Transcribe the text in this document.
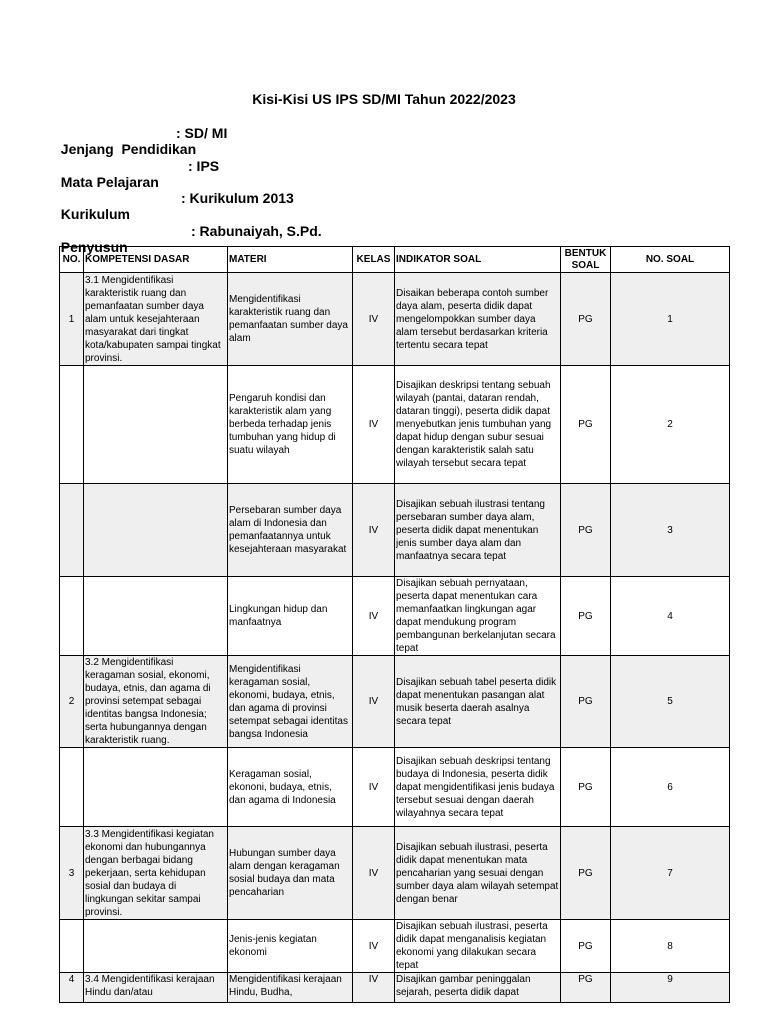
Kisi-Kisi US IPS SD/MI Tahun 2022/2023

Jenjang  Pendidikan

: SD/ MI

Mata Pelajaran

: IPS

Kurikulum

: Kurikulum 2013

Penyusun

: Rabunaiyah, S.Pd.

NO.	KOMPETENSI DASAR	MATERI	KELAS	INDIKATOR SOAL	BENTUK SOAL	NO. SOAL
1	3.1 Mengidentifikasi karakteristik ruang dan pemanfaatan sumber daya alam untuk kesejahteraan masyarakat dari tingkat kota/kabupaten sampai tingkat provinsi.	Mengidentifikasi karakteristik ruang dan pemanfaatan sumber daya alam	IV	Disaikan beberapa contoh sumber daya alam, peserta didik dapat mengelompokkan sumber daya alam tersebut berdasarkan kriteria tertentu secara tepat	PG	1
		Pengaruh kondisi dan karakteristik alam yang berbeda terhadap jenis tumbuhan yang hidup di suatu wilayah	IV	Disajikan deskripsi tentang sebuah wilayah (pantai, dataran rendah, dataran tinggi), peserta didik dapat menyebutkan jenis tumbuhan yang dapat hidup dengan subur sesuai dengan karakteristik salah satu wilayah tersebut secara tepat	PG	2
		Persebaran sumber daya alam di Indonesia dan pemanfaatannya untuk kesejahteraan masyarakat	IV	Disajikan sebuah ilustrasi tentang persebaran sumber daya alam, peserta didik dapat menentukan jenis sumber daya alam dan manfaatnya secara tepat	PG	3
		Lingkungan hidup dan manfaatnya	IV	Disajikan sebuah pernyataan, peserta dapat menentukan cara memanfaatkan lingkungan agar dapat mendukung program pembangunan berkelanjutan secara tepat	PG	4
2	3.2 Mengidentifikasi keragaman sosial, ekonomi, budaya, etnis, dan agama di provinsi setempat sebagai identitas bangsa Indonesia; serta hubungannya dengan karakteristik ruang.	Mengidentifikasi keragaman sosial, ekonomi, budaya, etnis, dan agama di provinsi setempat sebagai identitas bangsa Indonesia	IV	Disajikan sebuah tabel peserta didik dapat menentukan pasangan alat musik beserta daerah asalnya secara tepat	PG	5
		Keragaman sosial, ekononi, budaya, etnis, dan agama di Indonesia	IV	Disajikan sebuah deskripsi tentang budaya di Indonesia, peserta didik dapat mengidentifikasi jenis budaya tersebut sesuai dengan daerah wilayahnya secara tepat	PG	6
3	3.3 Mengidentifikasi kegiatan ekonomi dan hubungannya dengan berbagai bidang pekerjaan, serta kehidupan sosial dan budaya di lingkungan sekitar sampai provinsi.	Hubungan sumber daya alam dengan keragaman sosial budaya dan mata pencaharian	IV	Disajikan sebuah ilustrasi, peserta didik dapat menentukan mata pencaharian yang sesuai dengan sumber daya alam wilayah setempat dengan benar	PG	7
		Jenis-jenis kegiatan ekonomi	IV	Disajikan sebuah ilustrasi, peserta didik dapat menganalisis kegiatan ekonomi yang dilakukan secara tepat	PG	8
4	3.4 Mengidentifikasi kerajaan Hindu dan/atau	Mengidentifikasi kerajaan Hindu, Budha,	IV	Disajikan gambar peninggalan sejarah, peserta didik dapat	PG	9
